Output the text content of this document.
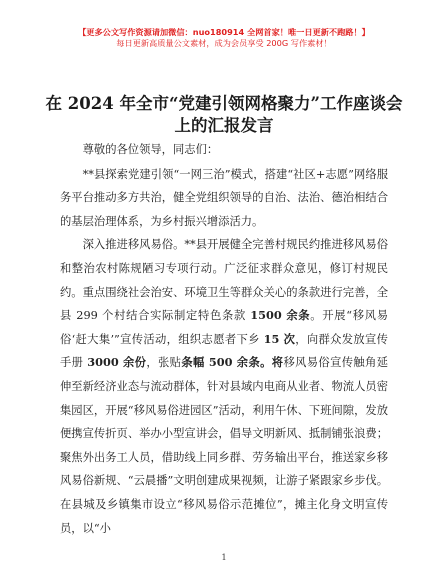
【更多公文写作资源请加微信：nuo180914 全网首家！唯一日更新不跑路！】
每日更新高质量公文素材，成为会员享受 200G 写作素材！
在 2024 年全市“党建引领网格聚力”工作座谈会上的汇报发言

尊敬的各位领导，同志们：

**县探索党建引领“一网三治”模式，搭建“社区+志愿”网络服务平台推动多方共治，健全党组织领导的自治、法治、德治相结合的基层治理体系，为乡村振兴增添活力。

深入推进移风易俗。**县开展健全完善村规民约推进移风易俗和整治农村陈规陋习专项行动。广泛征求群众意见，修订村规民约。重点围绕社会治安、环境卫生等群众关心的条款进行完善，全县 299 个村结合实际制定特色条款 1500 余条。开展“移风易俗‘赶大集’”宣传活动，组织志愿者下乡 15 次，向群众发放宣传手册 3000 余份，张贴条幅 500 余条。将移风易俗宣传触角延伸至新经济业态与流动群体，针对县域内电商从业者、物流人员密集园区，开展“移风易俗进园区”活动，利用午休、下班间隙，发放便携宣传折页、举办小型宣讲会，倡导文明新风、抵制铺张浪费；聚焦外出务工人员，借助线上同乡群、劳务输出平台，推送家乡移风易俗新规、“云晨播”文明创建成果视频，让游子紧跟家乡步伐。在县城及乡镇集市设立“移风易俗示范摊位”，摊主化身文明宣传员，以“小

1
